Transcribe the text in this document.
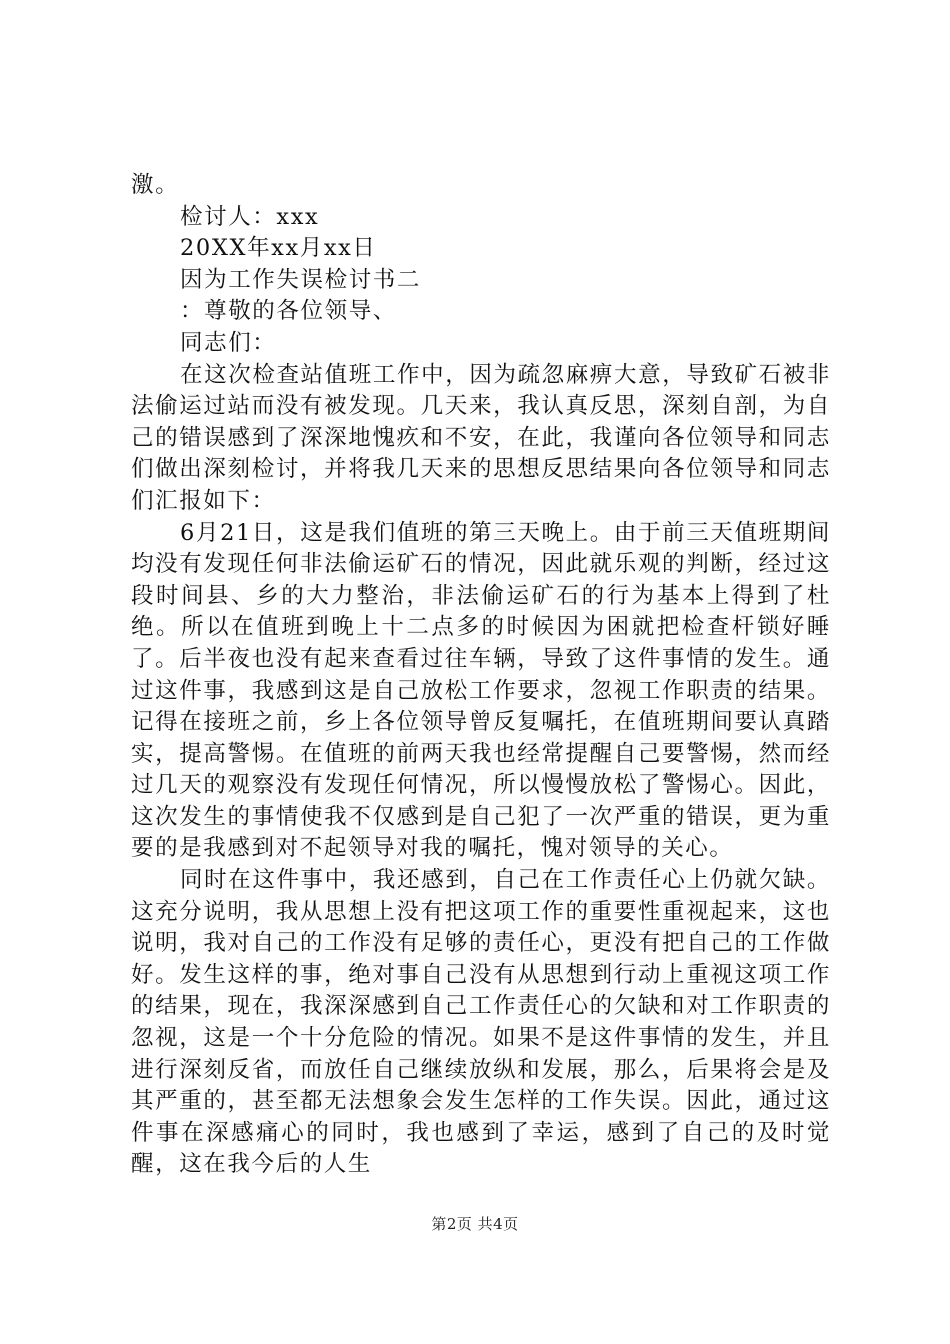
激。

检讨人：xxx

20XX年xx月xx日

因为工作失误检讨书二

：尊敬的各位领导、

同志们：

在这次检查站值班工作中，因为疏忽麻痹大意，导致矿石被非法偷运过站而没有被发现。几天来，我认真反思，深刻自剖，为自己的错误感到了深深地愧疚和不安，在此，我谨向各位领导和同志们做出深刻检讨，并将我几天来的思想反思结果向各位领导和同志们汇报如下：

6月21日，这是我们值班的第三天晚上。由于前三天值班期间均没有发现任何非法偷运矿石的情况，因此就乐观的判断，经过这段时间县、乡的大力整治，非法偷运矿石的行为基本上得到了杜绝。所以在值班到晚上十二点多的时候因为困就把检查杆锁好睡了。后半夜也没有起来查看过往车辆，导致了这件事情的发生。通过这件事，我感到这是自己放松工作要求，忽视工作职责的结果。记得在接班之前，乡上各位领导曾反复嘱托，在值班期间要认真踏实，提高警惕。在值班的前两天我也经常提醒自己要警惕，然而经过几天的观察没有发现任何情况，所以慢慢放松了警惕心。因此，这次发生的事情使我不仅感到是自己犯了一次严重的错误，更为重要的是我感到对不起领导对我的嘱托，愧对领导的关心。

同时在这件事中，我还感到，自己在工作责任心上仍就欠缺。这充分说明，我从思想上没有把这项工作的重要性重视起来，这也说明，我对自己的工作没有足够的责任心，更没有把自己的工作做好。发生这样的事，绝对事自己没有从思想到行动上重视这项工作的结果，现在，我深深感到自己工作责任心的欠缺和对工作职责的忽视，这是一个十分危险的情况。如果不是这件事情的发生，并且进行深刻反省，而放任自己继续放纵和发展，那么，后果将会是及其严重的，甚至都无法想象会发生怎样的工作失误。因此，通过这件事在深感痛心的同时，我也感到了幸运，感到了自己的及时觉醒，这在我今后的人生

第2页 共4页
